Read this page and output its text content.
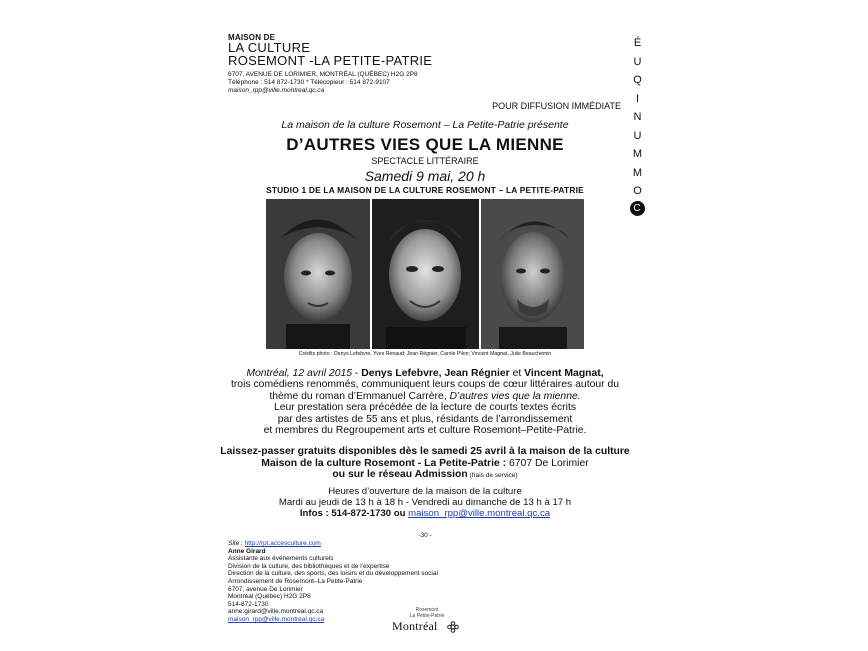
MAISON DE
LA CULTURE
ROSEMONT -LA PETITE-PATRIE
6707, AVENUE DE LORIMIER, MONTRÉAL (QUÉBEC) H2G 2P8
Téléphone : 514 872-1730 * Télécopieur : 514 872-9107
maison_rpp@ville.montreal.qc.ca
É
U
Q
I
N
U
M
M
O
C
POUR DIFFUSION IMMÉDIATE
La maison de la culture Rosemont – La Petite-Patrie présente
D’AUTRES VIES QUE LA MIENNE
SPECTACLE LITTÉRAIRE
Samedi 9 mai, 20 h
STUDIO 1 DE LA MAISON DE LA CULTURE ROSEMONT – LA PETITE-PATRIE
Crédits photo : Denys Lefebvre, Yves Renaud; Jean Régnier, Carole Pilon; Vincent Magnat, Julie Beauchemin
Montréal, 12 avril 2015 - Denys Lefebvre, Jean Régnier et Vincent Magnat,
trois comédiens renommés, communiquent leurs coups de cœur littéraires autour du
thème du roman d’Emmanuel Carrère, D’autres vies que la mienne.
Leur prestation sera précédée de la lecture de courts textes écrits
par des artistes de 55 ans et plus, résidants de l’arrondissement
et membres du Regroupement arts et culture Rosemont–Petite-Patrie.
Laissez-passer gratuits disponibles dès le samedi 25 avril à la maison de la culture
Maison de la culture Rosemont - La Petite-Patrie : 6707 De Lorimier
ou sur le réseau Admission (frais de service)
Heures d’ouverture de la maison de la culture
Mardi au jeudi de 13 h à 18 h - Vendredi au dimanche de 13 h à 17 h
Infos : 514-872-1730 ou maison_rpp@ville.montreal.qc.ca
-30 -
Site : http://rpt.accesculture.com
Anne Girard
Assistante aux événements culturels
Division de la culture, des bibliothèques et de l’expertise
Direction de la culture, des sports, des loisirs et du développement social
Arrondissement de Rosemont–La Petite-Patrie
6707, avenue De Lorimier
Montréal (Québec) H2G 2P8
514-872-1730
anne.girard@ville.montreal.qc.ca
maison_rpp@ville.montreal.qc.ca
Rosemont
La Petite-Patrie
Montréal
